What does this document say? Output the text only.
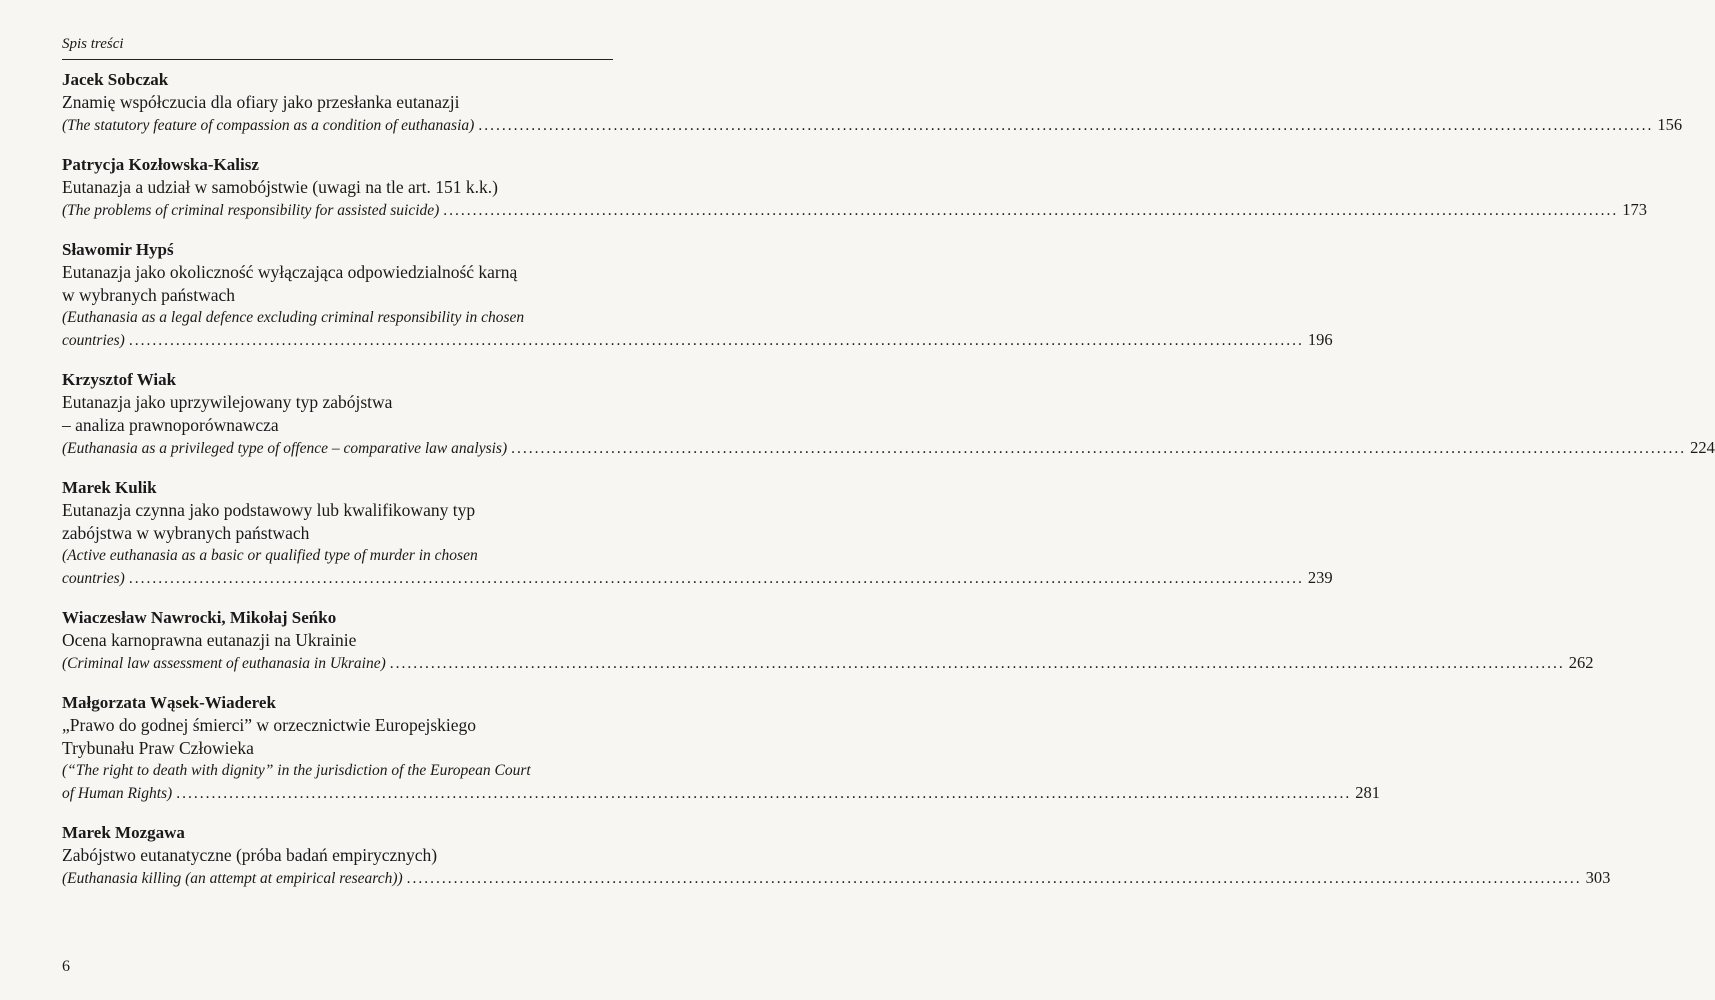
Spis treści
Jacek Sobczak
Znamię współczucia dla ofiary jako przesłanka eutanazji
(The statutory feature of compassion as a condition of euthanasia) ........................................................................................................................................................................................................ 156
Patrycja Kozłowska-Kalisz
Eutanazja a udział w samobójstwie (uwagi na tle art. 151 k.k.)
(The problems of criminal responsibility for assisted suicide) ........................................................................................................................................................................................................ 173
Sławomir Hypś
Eutanazja jako okoliczność wyłączająca odpowiedzialność karną
w wybranych państwach
(Euthanasia as a legal defence excluding criminal responsibility in chosen
countries) ........................................................................................................................................................................................................ 196
Krzysztof Wiak
Eutanazja jako uprzywilejowany typ zabójstwa
– analiza prawnoporównawcza
(Euthanasia as a privileged type of offence – comparative law analysis) ........................................................................................................................................................................................................ 224
Marek Kulik
Eutanazja czynna jako podstawowy lub kwalifikowany typ
zabójstwa w wybranych państwach
(Active euthanasia as a basic or qualified type of murder in chosen
countries) ........................................................................................................................................................................................................ 239
Wiaczesław Nawrocki, Mikołaj Seńko
Ocena karnoprawna eutanazji na Ukrainie
(Criminal law assessment of euthanasia in Ukraine) ........................................................................................................................................................................................................ 262
Małgorzata Wąsek-Wiaderek
„Prawo do godnej śmierci” w orzecznictwie Europejskiego
Trybunału Praw Człowieka
(“The right to death with dignity” in the jurisdiction of the European Court
of Human Rights) ........................................................................................................................................................................................................ 281
Marek Mozgawa
Zabójstwo eutanatyczne (próba badań empirycznych)
(Euthanasia killing (an attempt at empirical research)) ........................................................................................................................................................................................................ 303
6
